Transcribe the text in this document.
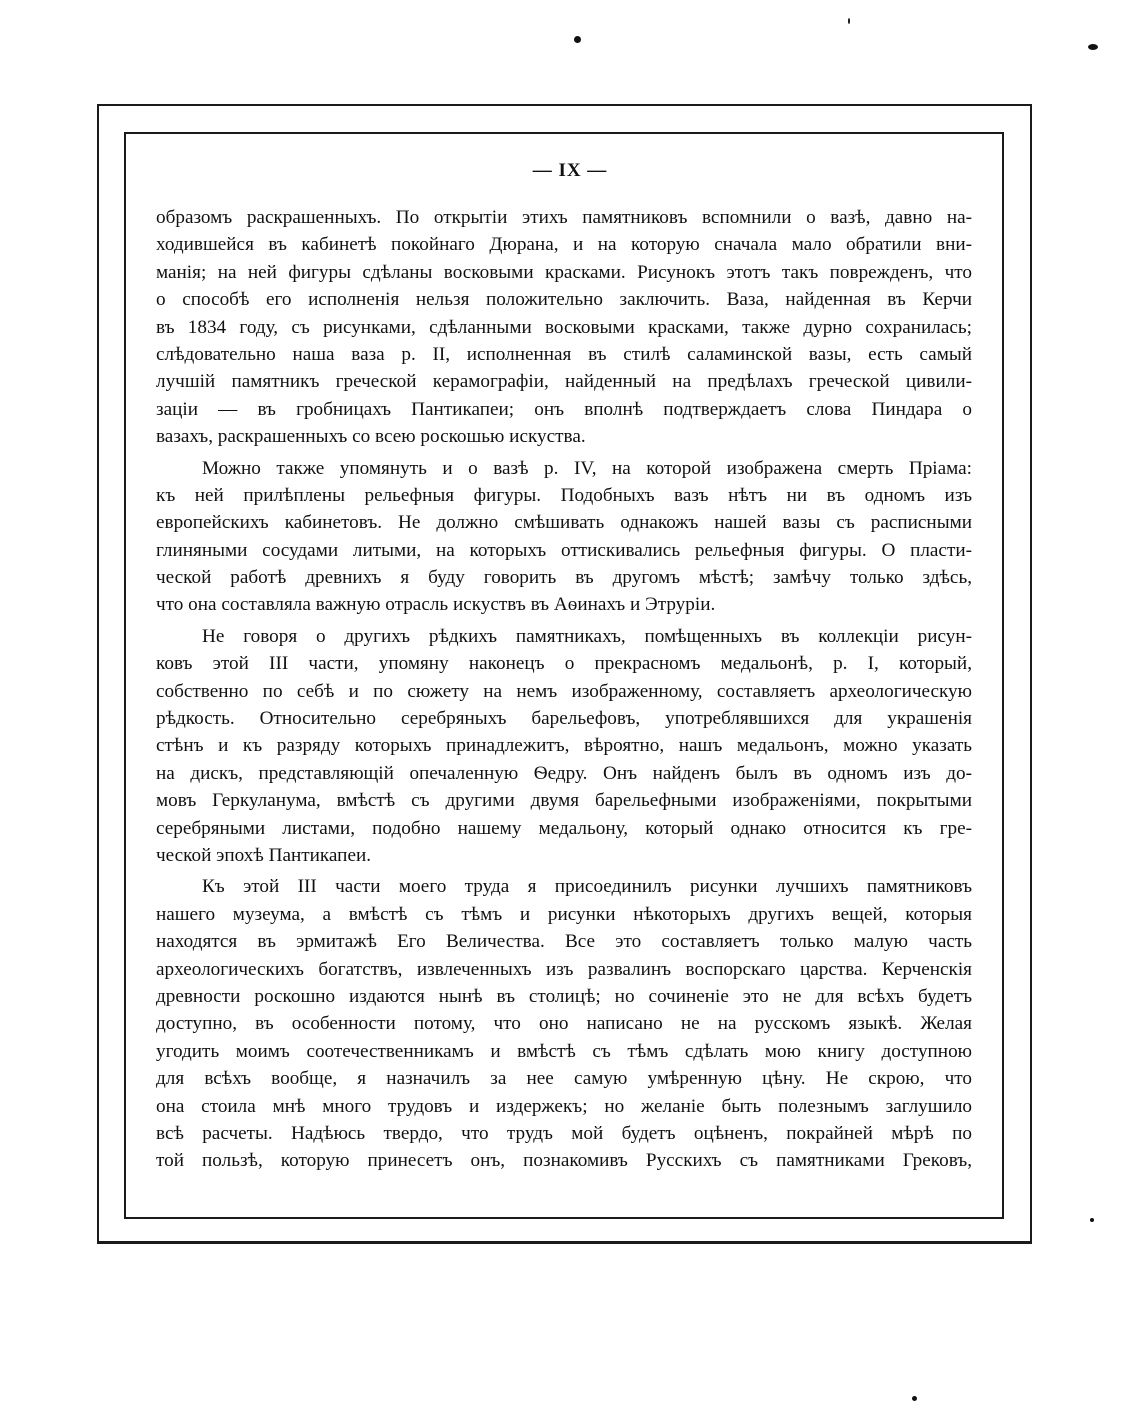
— IX —
образомъ раскрашенныхъ. По открытіи этихъ памятниковъ вспомнили о вазѣ, давно на-
ходившейся въ кабинетѣ покойнаго Дюрана, и на которую сначала мало обратили вни-
манія; на ней фигуры сдѣланы восковыми красками. Рисунокъ этотъ такъ поврежденъ, что
о способѣ его исполненія нельзя положительно заключить. Ваза, найденная въ Керчи
въ 1834 году, съ рисунками, сдѣланными восковыми красками, также дурно сохранилась;
слѣдовательно наша ваза р. II, исполненная въ стилѣ саламинской вазы, есть самый
лучшій памятникъ греческой керамографіи, найденный на предѣлахъ греческой цивили-
заціи — въ гробницахъ Пантикапеи; онъ вполнѣ подтверждаетъ слова Пиндара о
вазахъ, раскрашенныхъ со всею роскошью искуства.
Можно также упомянуть и о вазѣ р. IV, на которой изображена смерть Пріама:
къ ней прилѣплены рельефныя фигуры. Подобныхъ вазъ нѣтъ ни въ одномъ изъ
европейскихъ кабинетовъ. Не должно смѣшивать однакожъ нашей вазы съ расписными
глиняными сосудами литыми, на которыхъ оттискивались рельефныя фигуры. О пласти-
ческой работѣ древнихъ я буду говорить въ другомъ мѣстѣ; замѣчу только здѣсь,
что она составляла важную отрасль искуствъ въ Аѳинахъ и Этруріи.
Не говоря о другихъ рѣдкихъ памятникахъ, помѣщенныхъ въ коллекціи рисун-
ковъ этой III части, упомяну наконецъ о прекрасномъ медальонѣ, р. I, который,
собственно по себѣ и по сюжету на немъ изображенному, составляетъ археологическую
рѣдкость. Относительно серебряныхъ барельефовъ, употреблявшихся для украшенія
стѣнъ и къ разряду которыхъ принадлежитъ, вѣроятно, нашъ медальонъ, можно указать
на дискъ, представляющій опечаленную Ѳедру. Онъ найденъ былъ въ одномъ изъ до-
мовъ Геркуланума, вмѣстѣ съ другими двумя барельефными изображеніями, покрытыми
серебряными листами, подобно нашему медальону, который однако относится къ гре-
ческой эпохѣ Пантикапеи.
Къ этой III части моего труда я присоединилъ рисунки лучшихъ памятниковъ
нашего музеума, а вмѣстѣ съ тѣмъ и рисунки нѣкоторыхъ другихъ вещей, которыя
находятся въ эрмитажѣ Его Величества. Все это составляетъ только малую часть
археологическихъ богатствъ, извлеченныхъ изъ развалинъ воспорскаго царства. Керченскія
древности роскошно издаются нынѣ въ столицѣ; но сочиненіе это не для всѣхъ будетъ
доступно, въ особенности потому, что оно написано не на русскомъ языкѣ. Желая
угодить моимъ соотечественникамъ и вмѣстѣ съ тѣмъ сдѣлать мою книгу доступною
для всѣхъ вообще, я назначилъ за нее самую умѣренную цѣну. Не скрою, что
она стоила мнѣ много трудовъ и издержекъ; но желаніе быть полезнымъ заглушило
всѣ расчеты. Надѣюсь твердо, что трудъ мой будетъ оцѣненъ, покрайней мѣрѣ по
той пользѣ, которую принесетъ онъ, познакомивъ Русскихъ съ памятниками Грековъ,
